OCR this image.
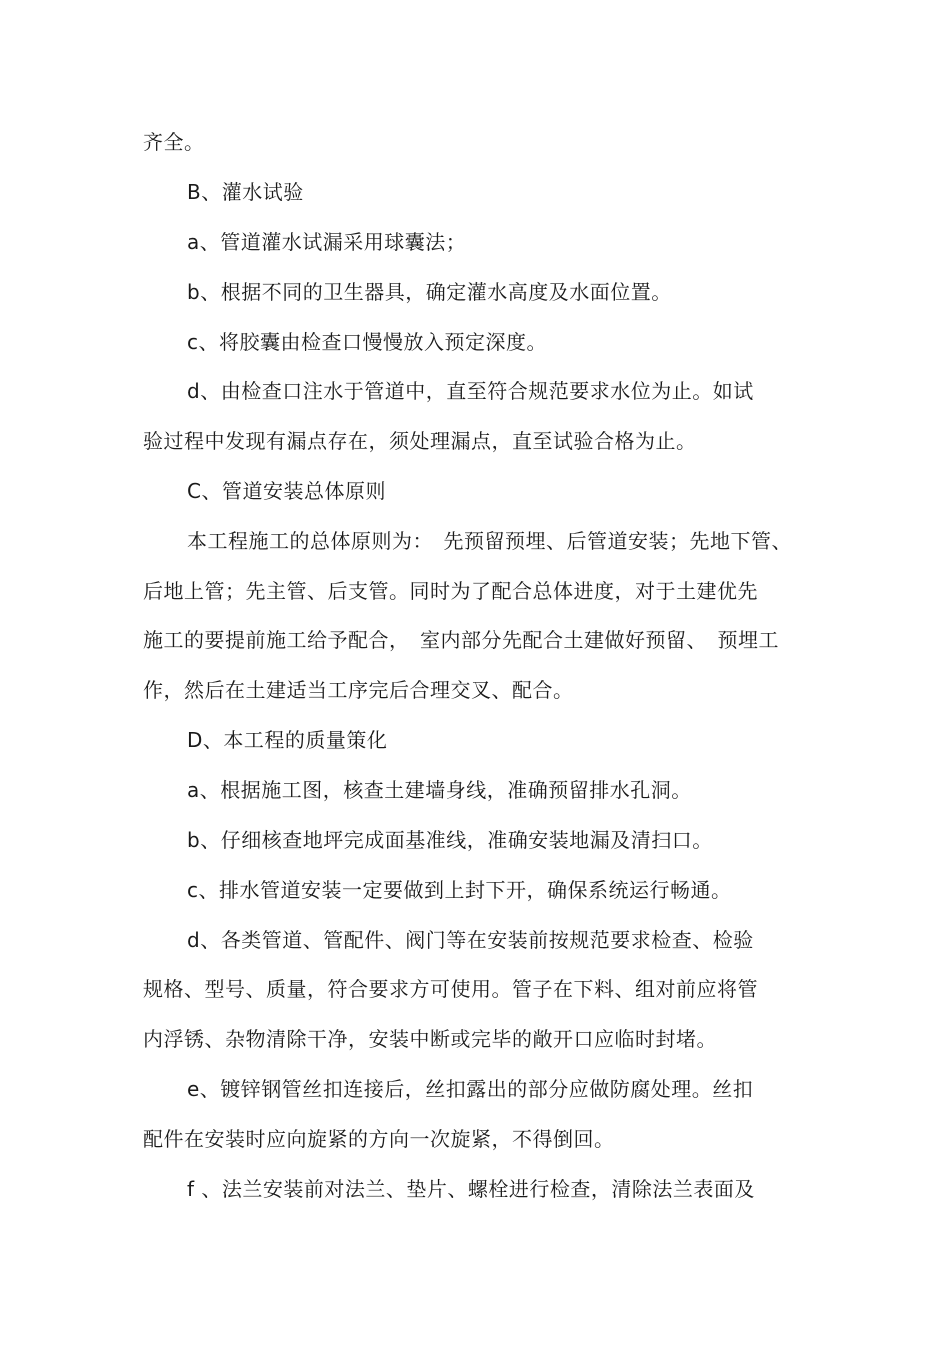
齐全。
B、灌水试验
a、管道灌水试漏采用球囊法；
b、根据不同的卫生器具，确定灌水高度及水面位置。
c、将胶囊由检查口慢慢放入预定深度。
d、由检查口注水于管道中，直至符合规范要求水位为止。如试
验过程中发现有漏点存在，须处理漏点，直至试验合格为止。
C、管道安装总体原则
本工程施工的总体原则为：　先预留预埋、后管道安装；先地下管、
后地上管；先主管、后支管。同时为了配合总体进度，对于土建优先
施工的要提前施工给予配合，　室内部分先配合土建做好预留、　预埋工
作，然后在土建适当工序完后合理交叉、配合。
D、本工程的质量策化
a、根据施工图，核查土建墙身线，准确预留排水孔洞。
b、仔细核查地坪完成面基准线，准确安装地漏及清扫口。
c、排水管道安装一定要做到上封下开，确保系统运行畅通。
d、各类管道、管配件、阀门等在安装前按规范要求检查、检验
规格、型号、质量，符合要求方可使用。管子在下料、组对前应将管
内浮锈、杂物清除干净，安装中断或完毕的敞开口应临时封堵。
e、镀锌钢管丝扣连接后，丝扣露出的部分应做防腐处理。丝扣
配件在安装时应向旋紧的方向一次旋紧，不得倒回。
f 、法兰安装前对法兰、垫片、螺栓进行检查，清除法兰表面及
